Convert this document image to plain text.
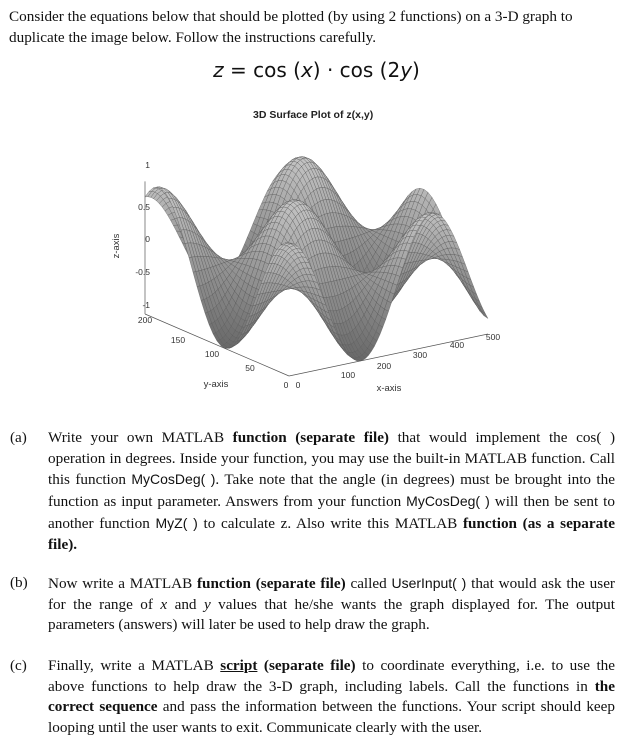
Consider the equations below that should be plotted (by using 2 functions) on a 3-D graph to duplicate the image below. Follow the instructions carefully.
z = cos (x) · cos (2y)
3D Surface Plot of z(x,y)
1
0.5
0
-0.5
-1
z-axis
200
150
100
50
0
y-axis	0
100
200
300
400
500
x-axis
(a) Write your own MATLAB function (separate file) that would implement the cos( ) operation in degrees. Inside your function, you may use the built-in MATLAB function. Call this function MyCosDeg( ). Take note that the angle (in degrees) must be brought into the function as input parameter. Answers from your function MyCosDeg( ) will then be sent to another function MyZ( ) to calculate z. Also write this MATLAB function (as a separate file).
(b) Now write a MATLAB function (separate file) called UserInput( ) that would ask the user for the range of x and y values that he/she wants the graph displayed for. The output parameters (answers) will later be used to help draw the graph.
(c) Finally, write a MATLAB script (separate file) to coordinate everything, i.e. to use the above functions to help draw the 3-D graph, including labels. Call the functions in the correct sequence and pass the information between the functions. Your script should keep looping until the user wants to exit. Communicate clearly with the user.
